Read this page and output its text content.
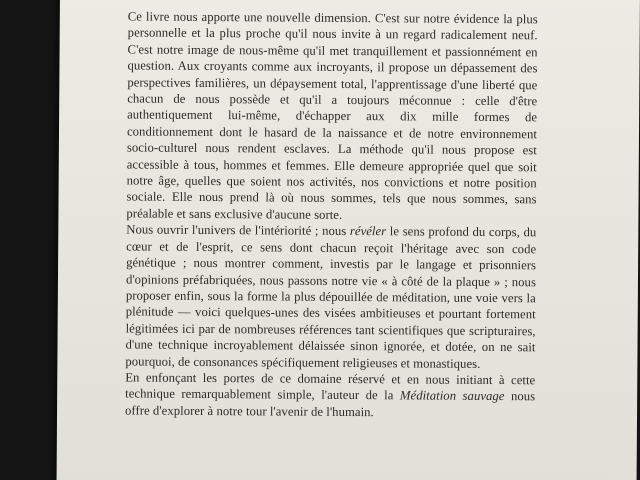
Ce livre nous apporte une nouvelle dimension. C'est sur notre évidence la plus personnelle et la plus proche qu'il nous invite à un regard radicalement neuf. C'est notre image de nous-même qu'il met tranquillement et passionnément en question. Aux croyants comme aux incroyants, il propose un dépassement des perspectives familières, un dépaysement total, l'apprentissage d'une liberté que chacun de nous possède et qu'il a toujours méconnue : celle d'être authentiquement lui-même, d'échapper aux dix mille formes de conditionnement dont le hasard de la naissance et de notre environnement socio-culturel nous rendent esclaves. La méthode qu'il nous propose est accessible à tous, hommes et femmes. Elle demeure appropriée quel que soit notre âge, quelles que soient nos activités, nos convictions et notre position sociale. Elle nous prend là où nous sommes, tels que nous sommes, sans préalable et sans exclusive d'aucune sorte.

Nous ouvrir l'univers de l'intériorité ; nous révéler le sens profond du corps, du cœur et de l'esprit, ce sens dont chacun reçoit l'héritage avec son code génétique ; nous montrer comment, investis par le langage et prisonniers d'opinions préfabriquées, nous passons notre vie « à côté de la plaque » ; nous proposer enfin, sous la forme la plus dépouillée de méditation, une voie vers la plénitude — voici quelques-unes des visées ambitieuses et pourtant fortement légitimées ici par de nombreuses références tant scientifiques que scripturaires, d'une technique incroyablement délaissée sinon ignorée, et dotée, on ne sait pourquoi, de consonances spécifiquement religieuses et monastiques.

En enfonçant les portes de ce domaine réservé et en nous initiant à cette technique remarquablement simple, l'auteur de la Méditation sauvage nous offre d'explorer à notre tour l'avenir de l'humain.
